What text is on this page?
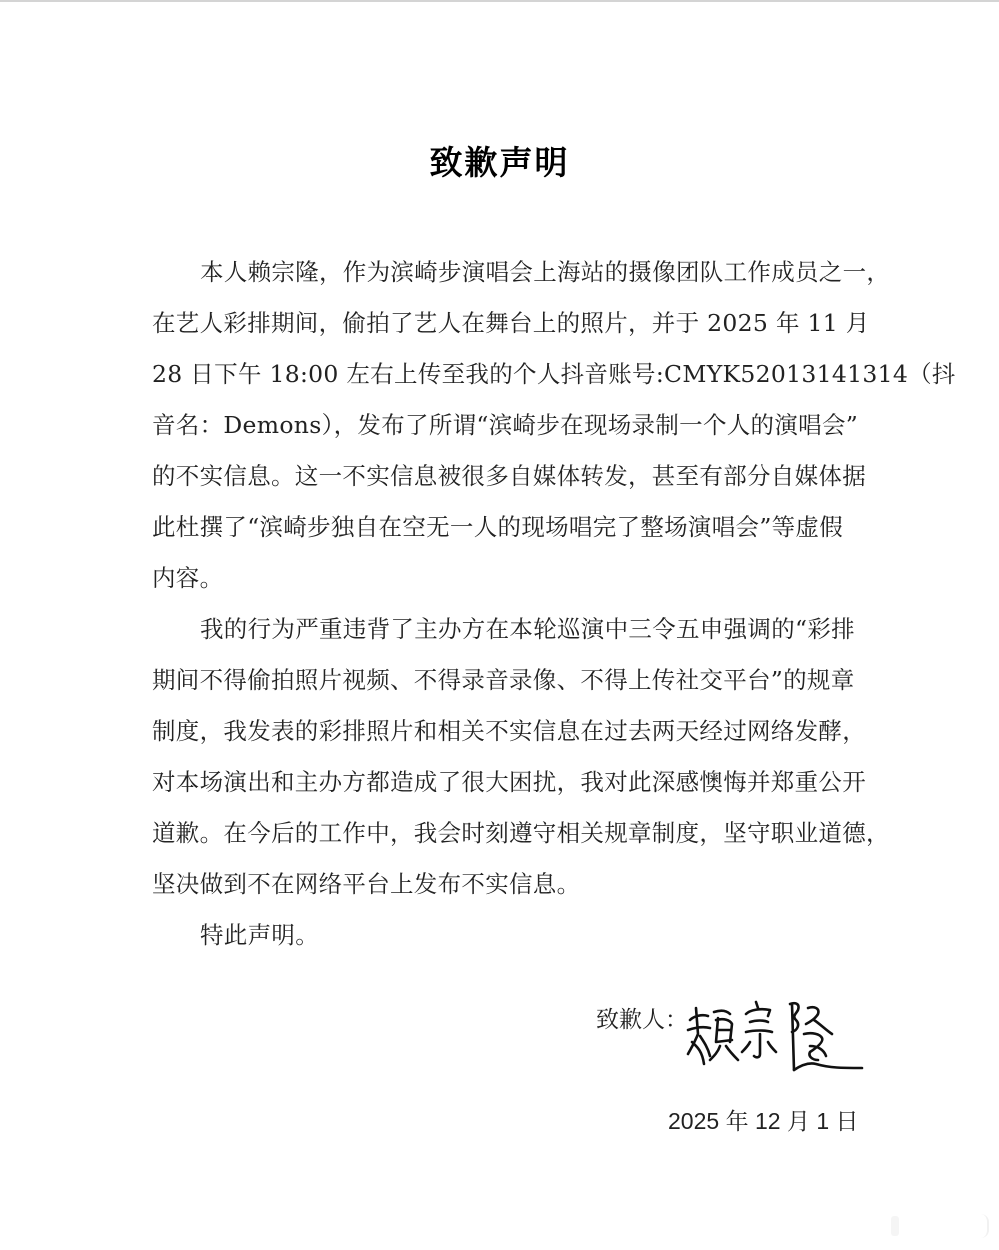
致歉声明
本人赖宗隆，作为滨崎步演唱会上海站的摄像团队工作成员之一，
在艺人彩排期间，偷拍了艺人在舞台上的照片，并于 2025 年 11 月
28 日下午 18:00 左右上传至我的个人抖音账号:CMYK52013141314（抖
音名：Demons），发布了所谓“滨崎步在现场录制一个人的演唱会”
的不实信息。这一不实信息被很多自媒体转发，甚至有部分自媒体据
此杜撰了“滨崎步独自在空无一人的现场唱完了整场演唱会”等虚假
内容。
我的行为严重违背了主办方在本轮巡演中三令五申强调的“彩排
期间不得偷拍照片视频、不得录音录像、不得上传社交平台”的规章
制度，我发表的彩排照片和相关不实信息在过去两天经过网络发酵，
对本场演出和主办方都造成了很大困扰，我对此深感懊悔并郑重公开
道歉。在今后的工作中，我会时刻遵守相关规章制度，坚守职业道德，
坚决做到不在网络平台上发布不实信息。
特此声明。
致歉人：
2025 年 12 月 1 日
